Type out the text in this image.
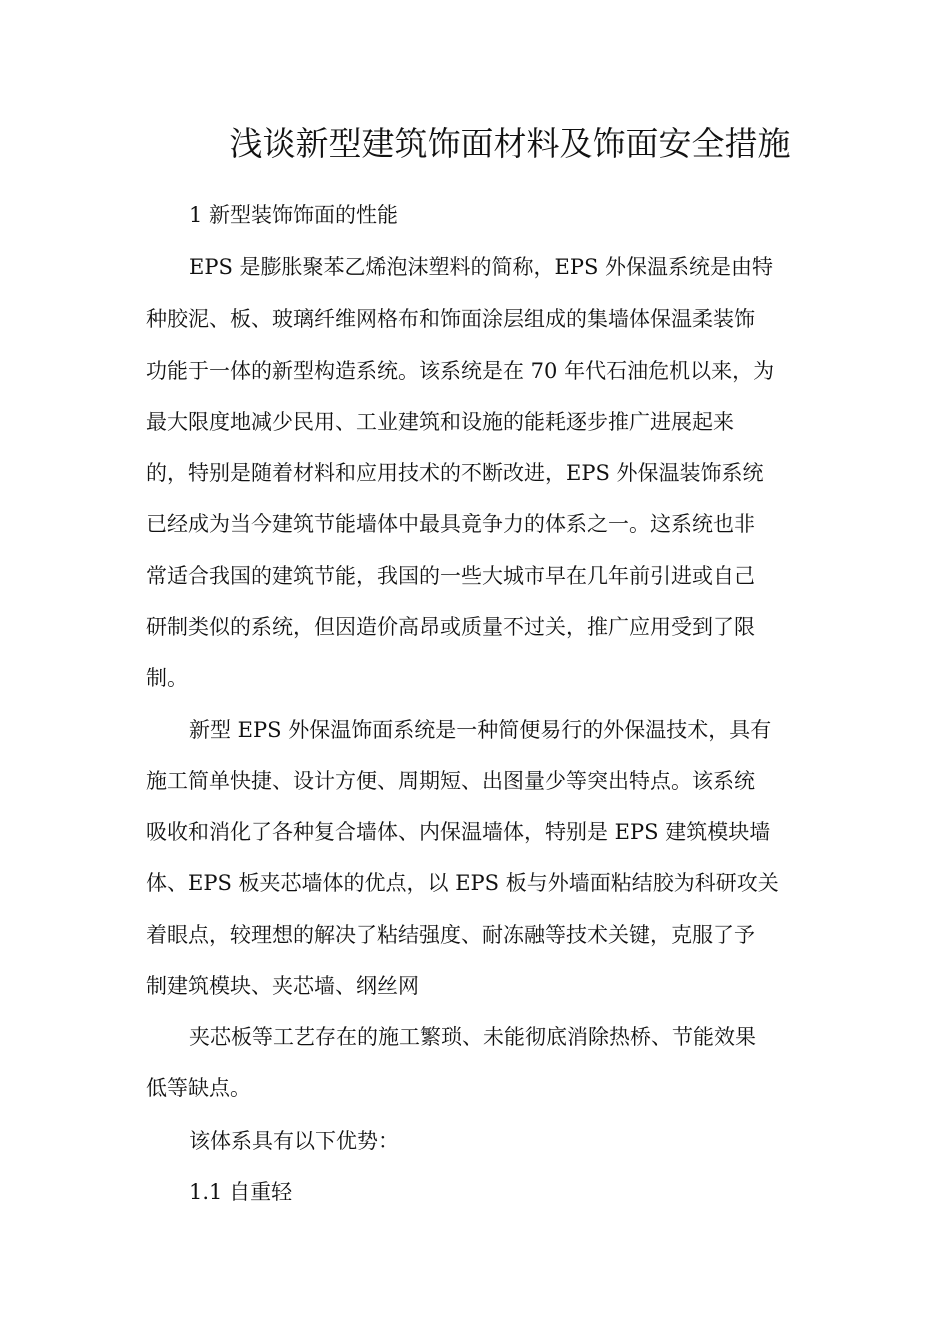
浅谈新型建筑饰面材料及饰面安全措施

1 新型装饰饰面的性能

EPS 是膨胀聚苯乙烯泡沫塑料的简称，EPS 外保温系统是由特

种胶泥、板、玻璃纤维网格布和饰面涂层组成的集墙体保温柔装饰

功能于一体的新型构造系统。该系统是在 70 年代石油危机以来，为

最大限度地减少民用、工业建筑和设施的能耗逐步推广进展起来

的，特别是随着材料和应用技术的不断改进，EPS 外保温装饰系统

已经成为当今建筑节能墙体中最具竟争力的体系之一。这系统也非

常适合我国的建筑节能，我国的一些大城市早在几年前引进或自己

研制类似的系统，但因造价高昂或质量不过关，推广应用受到了限

制。

新型 EPS 外保温饰面系统是一种简便易行的外保温技术，具有

施工简单快捷、设计方便、周期短、出图量少等突出特点。该系统

吸收和消化了各种复合墙体、内保温墙体，特别是 EPS 建筑模块墙

体、EPS 板夹芯墙体的优点，以 EPS 板与外墙面粘结胶为科研攻关

着眼点，较理想的解决了粘结强度、耐冻融等技术关键，克服了予

制建筑模块、夹芯墙、纲丝网

夹芯板等工艺存在的施工繁琐、未能彻底消除热桥、节能效果

低等缺点。

该体系具有以下优势：

1.1 自重轻
